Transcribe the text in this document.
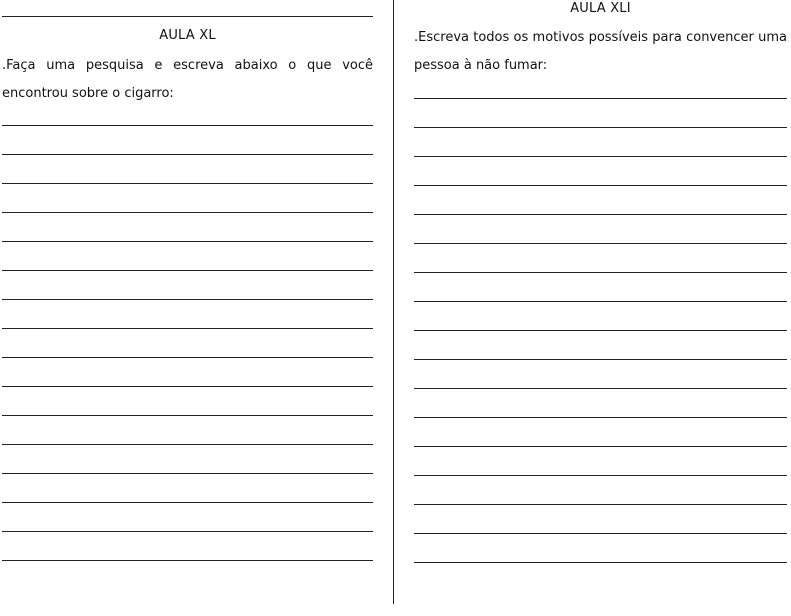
AULA XL
.Faça uma pesquisa e escreva abaixo o que você encontrou sobre o cigarro:
AULA XLI
.Escreva todos os motivos possíveis para convencer uma pessoa à não fumar:
